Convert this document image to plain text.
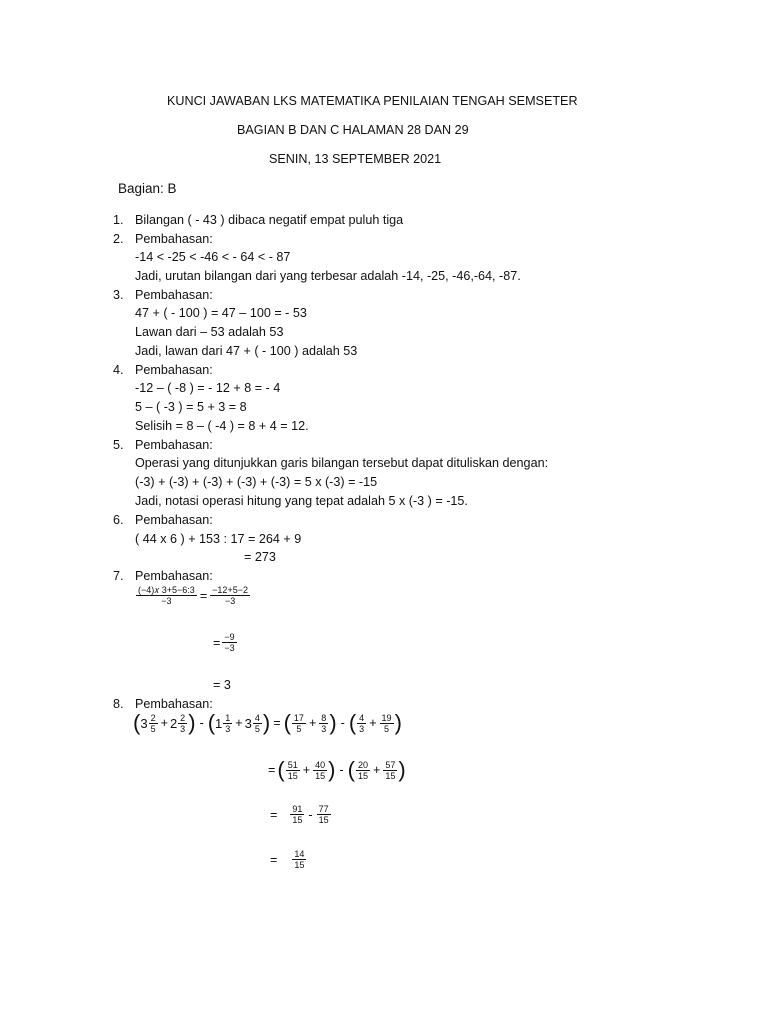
KUNCI JAWABAN LKS MATEMATIKA PENILAIAN TENGAH SEMSETER
BAGIAN B DAN C HALAMAN 28 DAN 29
SENIN, 13 SEPTEMBER 2021
Bagian: B
1. Bilangan ( - 43 ) dibaca negatif empat puluh tiga
2. Pembahasan:
-14 < -25 < -46 < - 64 < - 87
Jadi, urutan bilangan dari yang terbesar adalah -14, -25, -46,-64, -87.
3. Pembahasan:
47 + ( - 100 ) = 47 – 100 = - 53
Lawan dari – 53 adalah 53
Jadi, lawan dari 47 + ( - 100 ) adalah 53
4. Pembahasan:
-12 – ( -8 ) = - 12 + 8 = - 4
5 – ( -3 ) = 5 + 3 = 8
Selisih = 8 – ( -4 ) = 8 + 4 = 12.
5. Pembahasan:
Operasi yang ditunjukkan garis bilangan tersebut dapat dituliskan dengan:
(-3) + (-3) + (-3) + (-3) + (-3) = 5 x (-3) = -15
Jadi, notasi operasi hitung yang tepat adalah 5 x (-3 ) = -15.
6. Pembahasan:
( 44 x 6 ) + 153 : 17 = 264 + 9
= 273
7. Pembahasan:
$\frac{\text{(−4)𝑥 3+5−6:3}}{-3} = \frac{-12+5-2}{-3}$
= $\frac{-9}{-3}$
= 3
8. Pembahasan:
( $3 \frac{2}{5} + 2 \frac{2}{3}$ ) - ( $1 \frac{1}{3} + 3 \frac{4}{5}$ ) = ( $\frac{17}{5} + \frac{8}{3}$ ) - ( $\frac{4}{3} + \frac{19}{5}$ )
= ( $\frac{51}{15} + \frac{40}{15}$ ) - ( $\frac{20}{15} + \frac{57}{15}$ )
= $\frac{91}{15} - \frac{77}{15}$
= $\frac{14}{15}$
